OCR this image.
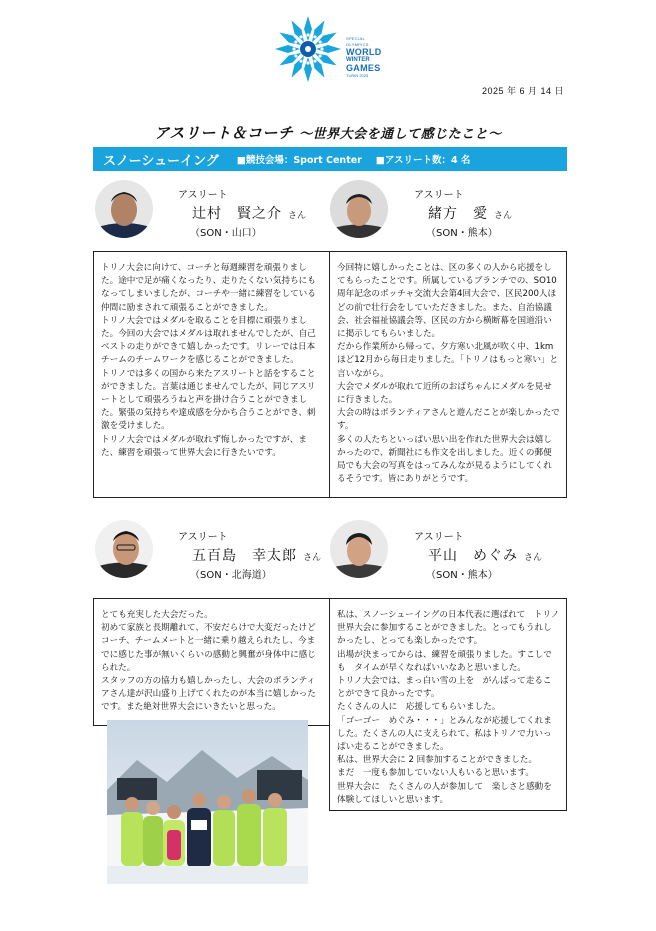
SPECIAL OLYMPICS
WORLD
WINTER
GAMES
TURIN 2025
2025 年 6 月 14 日
アスリート＆コーチ ～世界大会を通して感じたこと～
スノーシューイング ■競技会場：Sport Center ■アスリート数：4 名
アスリート
辻村　賢之介 さん
（SON・山口）
アスリート
緒方　愛 さん
（SON・熊本）

トリノ大会に向けて、コーチと毎週練習を頑張りました。途中で足が痛くなったり、走りたくない気持ちにもなってしまいましたが、コーチや一緒に練習をしている仲間に励まされて頑張ることができました。

トリノ大会ではメダルを取ることを目標に頑張りました。今回の大会ではメダルは取れませんでしたが、自己ベストの走りができて嬉しかったです。リレーでは日本チームのチームワークを感じることができました。

トリノでは多くの国から来たアスリートと話をすることができました。言葉は通じませんでしたが、同じアスリートとして頑張ろうねと声を掛け合うことができました。緊張の気持ちや達成感を分かち合うことができ、刺激を受けました。

トリノ大会ではメダルが取れず悔しかったですが、また、練習を頑張って世界大会に行きたいです。

今回特に嬉しかったことは、区の多くの人から応援をしてもらったことです。所属しているブランチでの、SO10周年記念のボッチャ交流大会第4回大会で、区民200人ほどの前で壮行会をしていただきました。また、自治協議会、社会福祉協議会等、区民の方から横断幕を国道沿いに掲示してもらいました。

だから作業所から帰って、夕方寒い北風が吹く中、1kmほど12月から毎日走りました。「トリノはもっと寒い」と言いながら。

大会でメダルが取れて近所のおばちゃんにメダルを見せに行きました。

大会の時はボランティアさんと遊んだことが楽しかったです。

多くの人たちといっぱい思い出を作れた世界大会は嬉しかったので、新聞社にも作文を出しました。近くの郵便局でも大会の写真をはってみんなが見るようにしてくれるそうです。皆にありがとうです。

アスリート
五百島　幸太郎 さん
（SON・北海道）
アスリート
平山　めぐみ さん
（SON・熊本）

とても充実した大会だった。

初めて家族と長期離れて、不安だらけで大変だったけどコーチ、チームメートと一緒に乗り越えられたし、今までに感じた事が無いくらいの感動と興奮が身体中に感じられた。

スタッフの方の協力も嬉しかったし、大会のボランティアさん達が沢山盛り上げてくれたのが本当に嬉しかったです。また絶対世界大会にいきたいと思った。

私は、スノーシューイングの日本代表に選ばれて　トリノ世界大会に参加することができました。とってもうれしかったし、とっても楽しかったです。

出場が決まってからは、練習を頑張りました。すこしでも　タイムが早くなればいいなあと思いました。

トリノ大会では、まっ白い雪の上を　がんばって走ることができて良かったです。

たくさんの人に　応援してもらいました。

「ゴーゴー　めぐみ・・・」とみんなが応援してくれました。たくさんの人に支えられて、私はトリノで力いっぱい走ることができました。

私は、世界大会に 2 回参加することができました。

まだ　一度も参加していない人もいると思います。

世界大会に　たくさんの人が参加して　楽しさと感動を体験してほしいと思います。
